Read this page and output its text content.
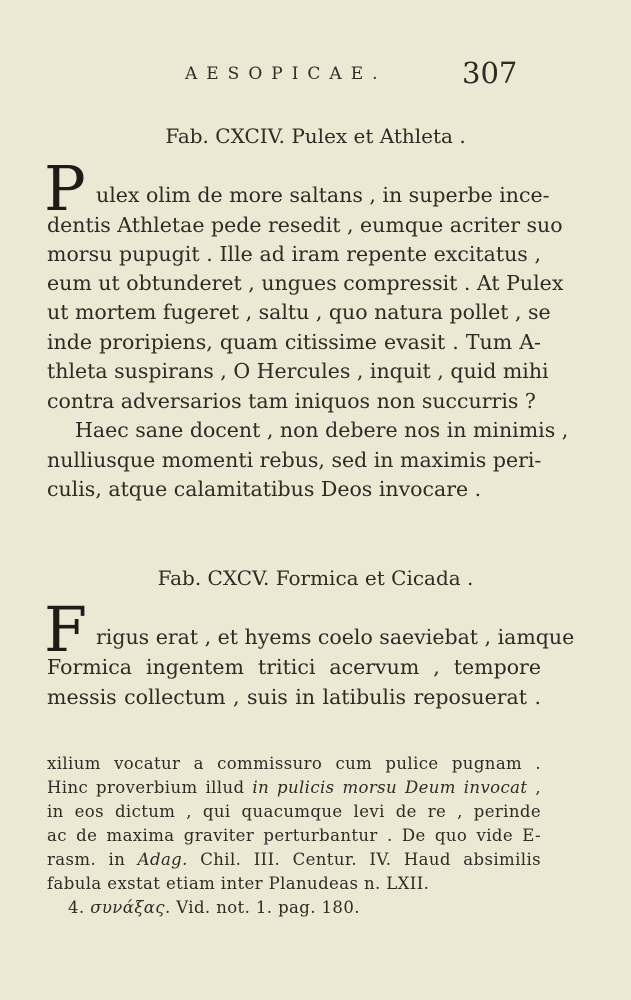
AESOPICAE.	307
Fab. CXCIV. Pulex et Athleta .
P ulex olim de more saltans , in superbe ince-
dentis Athletae pede resedit , eumque acriter suo
morsu pupugit . Ille ad iram repente excitatus ,
eum ut obtunderet , ungues compressit . At Pulex
ut mortem fugeret , saltu , quo natura pollet , se
inde proripiens, quam citissime evasit . Tum A-
thleta suspirans , O Hercules , inquit , quid mihi
contra adversarios tam iniquos non succurris ?
Haec sane docent , non debere nos in minimis ,
nulliusque momenti rebus, sed in maximis peri-
culis, atque calamitatibus Deos invocare .
Fab. CXCV. Formica et Cicada .
F rigus erat , et hyems coelo saeviebat , iamque
Formica ingentem tritici acervum , tempore
messis collectum , suis in latibulis reposuerat .
xilium vocatur a commissuro cum pulice pugnam .
Hinc proverbium illud in pulicis morsu Deum invocat ,
in eos dictum , qui quacumque levi de re , perinde
ac de maxima graviter perturbantur . De quo vide E-
rasm. in Adag. Chil. III. Centur. IV. Haud absimilis
fabula exstat etiam inter Planudeas n. LXII.
4. συνάξας. Vid. not. 1. pag. 180.
